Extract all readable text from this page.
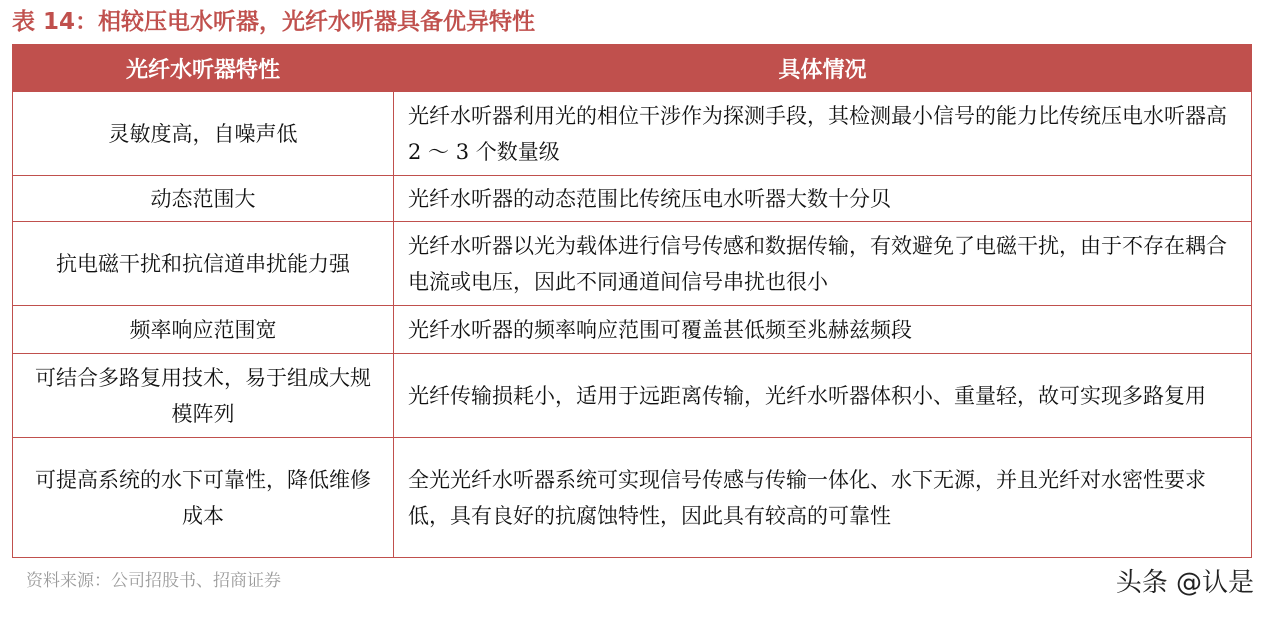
表 14：相较压电水听器，光纤水听器具备优异特性
光纤水听器特性	具体情况
灵敏度高，自噪声低	光纤水听器利用光的相位干涉作为探测手段，其检测最小信号的能力比传统压电水听器高 2 ～ 3 个数量级
动态范围大	光纤水听器的动态范围比传统压电水听器大数十分贝
抗电磁干扰和抗信道串扰能力强	光纤水听器以光为载体进行信号传感和数据传输，有效避免了电磁干扰，由于不存在耦合电流或电压，因此不同通道间信号串扰也很小
频率响应范围宽	光纤水听器的频率响应范围可覆盖甚低频至兆赫兹频段
可结合多路复用技术，易于组成大规模阵列	光纤传输损耗小，适用于远距离传输，光纤水听器体积小、重量轻，故可实现多路复用
可提高系统的水下可靠性，降低维修成本	全光光纤水听器系统可实现信号传感与传输一体化、水下无源，并且光纤对水密性要求低，具有良好的抗腐蚀特性，因此具有较高的可靠性
资料来源：公司招股书、招商证券	头条 @认是
